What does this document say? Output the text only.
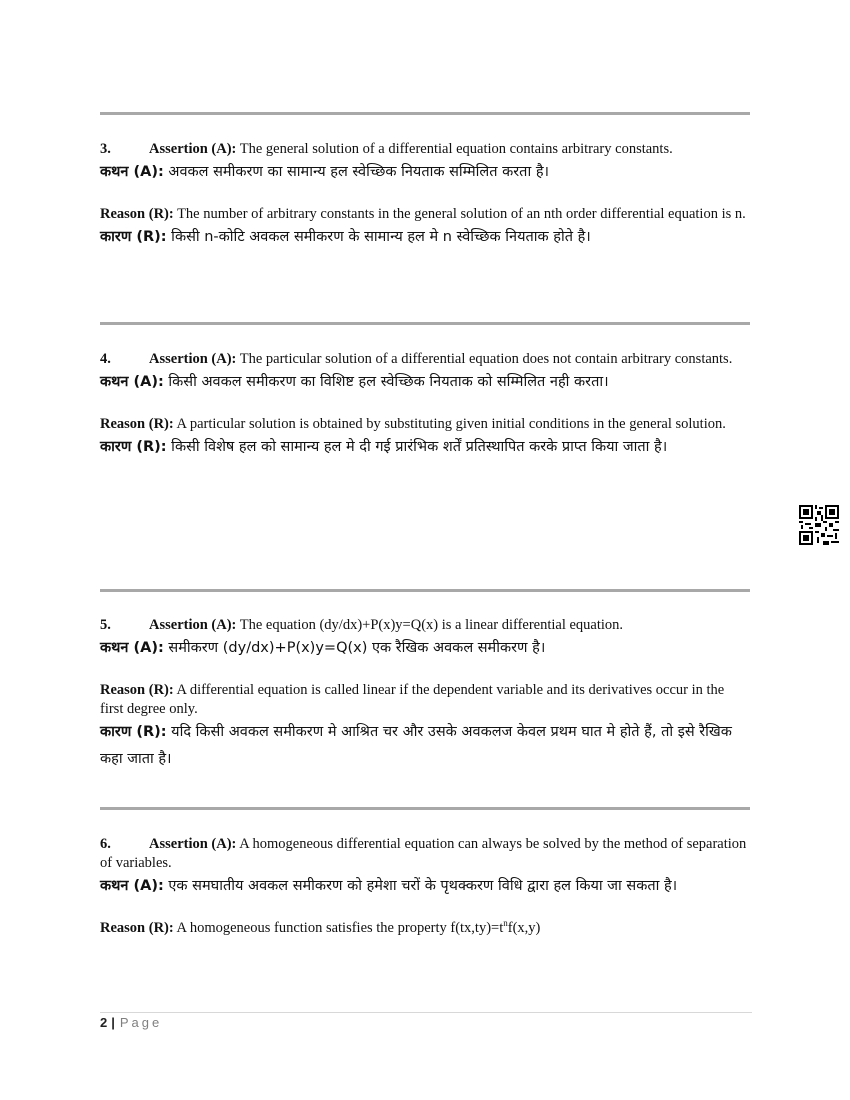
3.	Assertion (A): The general solution of a differential equation contains arbitrary constants.

कथन (A): अवकल समीकरण का सामान्य हल स्वेच्छिक नियताक सम्मिलित करता है।

Reason (R): The number of arbitrary constants in the general solution of an nth order differential equation is n.

कारण (R): किसी n-कोटि अवकल समीकरण के सामान्य हल मे n स्वेच्छिक नियताक होते है।

4.	Assertion (A): The particular solution of a differential equation does not contain arbitrary constants.

कथन (A): किसी अवकल समीकरण का विशिष्ट हल स्वेच्छिक नियताक को सम्मिलित नही करता।

Reason (R): A particular solution is obtained by substituting given initial conditions in the general solution.

कारण (R): किसी विशेष हल को सामान्य हल मे दी गई प्रारंभिक शर्तें प्रतिस्थापित करके प्राप्त किया जाता है।

5.	Assertion (A): The equation (dy/dx)+P(x)y=Q(x) is a linear differential equation.

कथन (A): समीकरण (dy/dx)+P(x)y=Q(x) एक रैखिक अवकल समीकरण है।

Reason (R): A differential equation is called linear if the dependent variable and its derivatives occur in the first degree only.

कारण (R): यदि किसी अवकल समीकरण मे आश्रित चर और उसके अवकलज केवल प्रथम घात मे होते हैं, तो इसे रैखिक कहा जाता है।

6.	Assertion (A): A homogeneous differential equation can always be solved by the method of separation of variables.

कथन (A): एक समघातीय अवकल समीकरण को हमेशा चरों के पृथक्करण विधि द्वारा हल किया जा सकता है।

Reason (R): A homogeneous function satisfies the property $f(tx,ty)=t^nf(x,y)$

2 | Page
